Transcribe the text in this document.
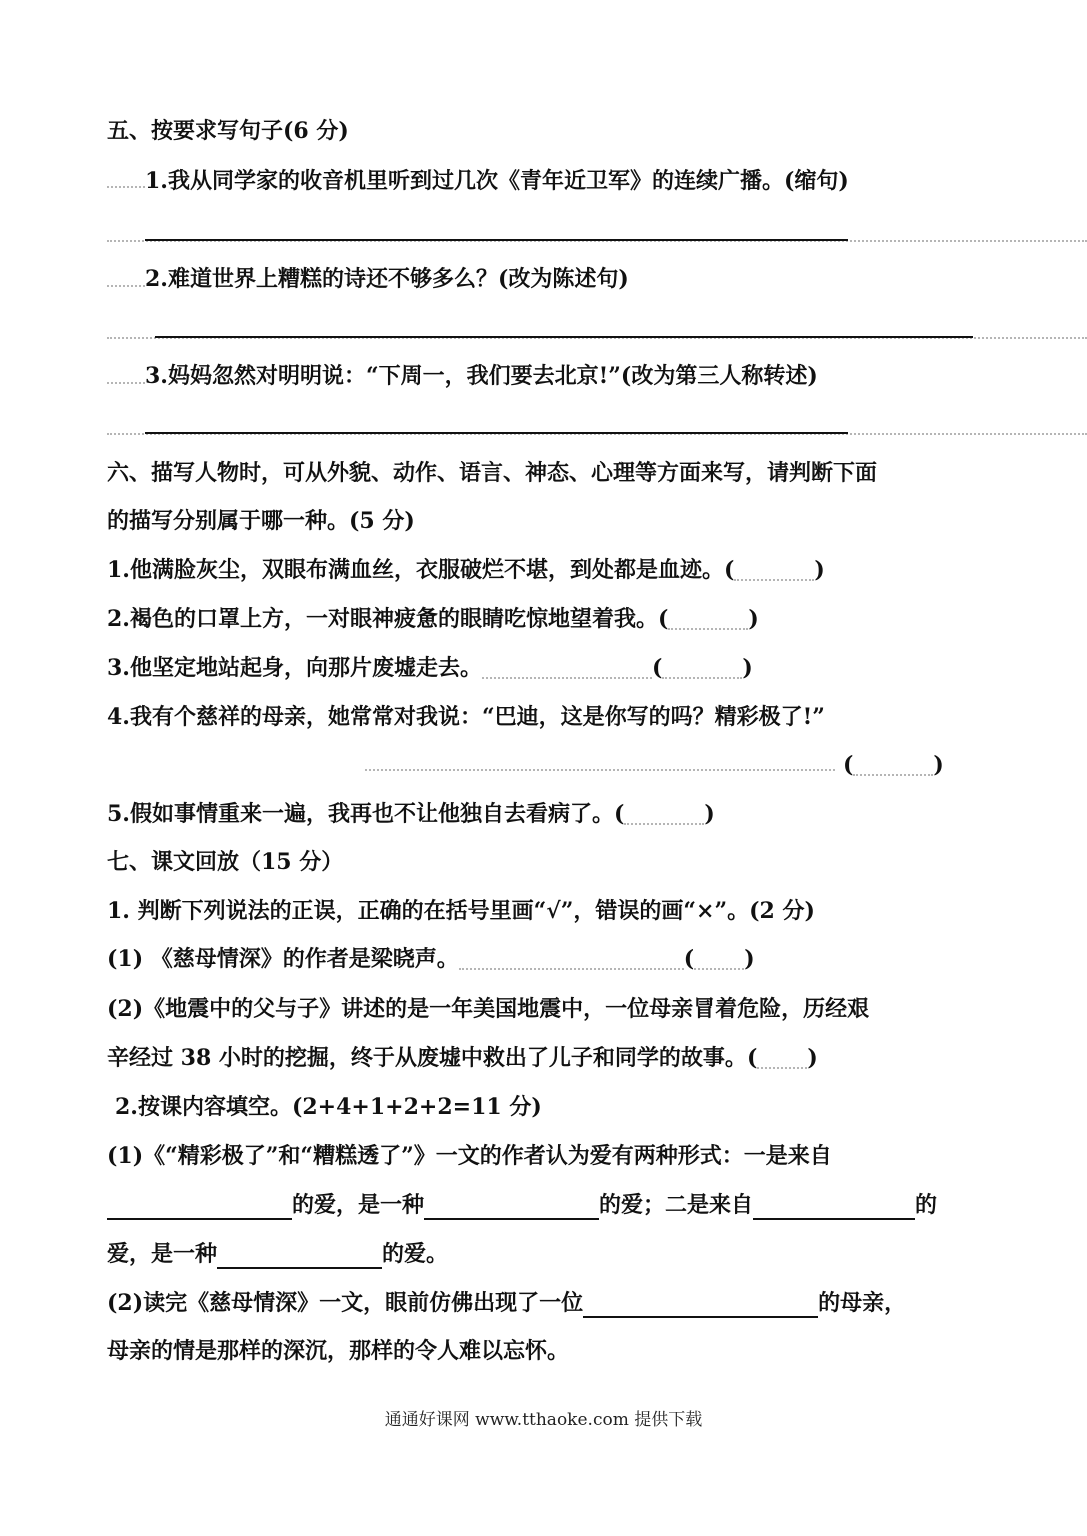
五、按要求写句子(6 分)
1.我从同学家的收音机里听到过几次《青年近卫军》的连续广播。(缩句)
2.难道世界上糟糕的诗还不够多么？(改为陈述句)
3.妈妈忽然对明明说：“下周一，我们要去北京!”(改为第三人称转述)
六、描写人物时，可从外貌、动作、语言、神态、心理等方面来写，请判断下面
的描写分别属于哪一种。(5 分)
1.他满脸灰尘，双眼布满血丝，衣服破烂不堪，到处都是血迹。(	)
2.褐色的口罩上方，一对眼神疲惫的眼睛吃惊地望着我。(	)
3.他坚定地站起身，向那片废墟走去。	(	)
4.我有个慈祥的母亲，她常常对我说：“巴迪，这是你写的吗？精彩极了!”
(	)
5.假如事情重来一遍，我再也不让他独自去看病了。(	)
七、课文回放（15 分）
1. 判断下列说法的正误，正确的在括号里画“√”，错误的画“×”。(2 分)
(1) 《慈母情深》的作者是梁晓声。	( )
(2)《地震中的父与子》讲述的是一年美国地震中，一位母亲冒着危险，历经艰
辛经过 38 小时的挖掘，终于从废墟中救出了儿子和同学的故事。( )
2.按课内容填空。(2+4+1+2+2=11 分)
(1)《“精彩极了”和“糟糕透了”》一文的作者认为爱有两种形式：一是来自
的爱，是一种	的爱；二是来自	的
爱，是一种	的爱。
(2)读完《慈母情深》一文，眼前仿佛出现了一位	的母亲，
母亲的情是那样的深沉，那样的令人难以忘怀。
通通好课网 www.tthaoke.com 提供下载
